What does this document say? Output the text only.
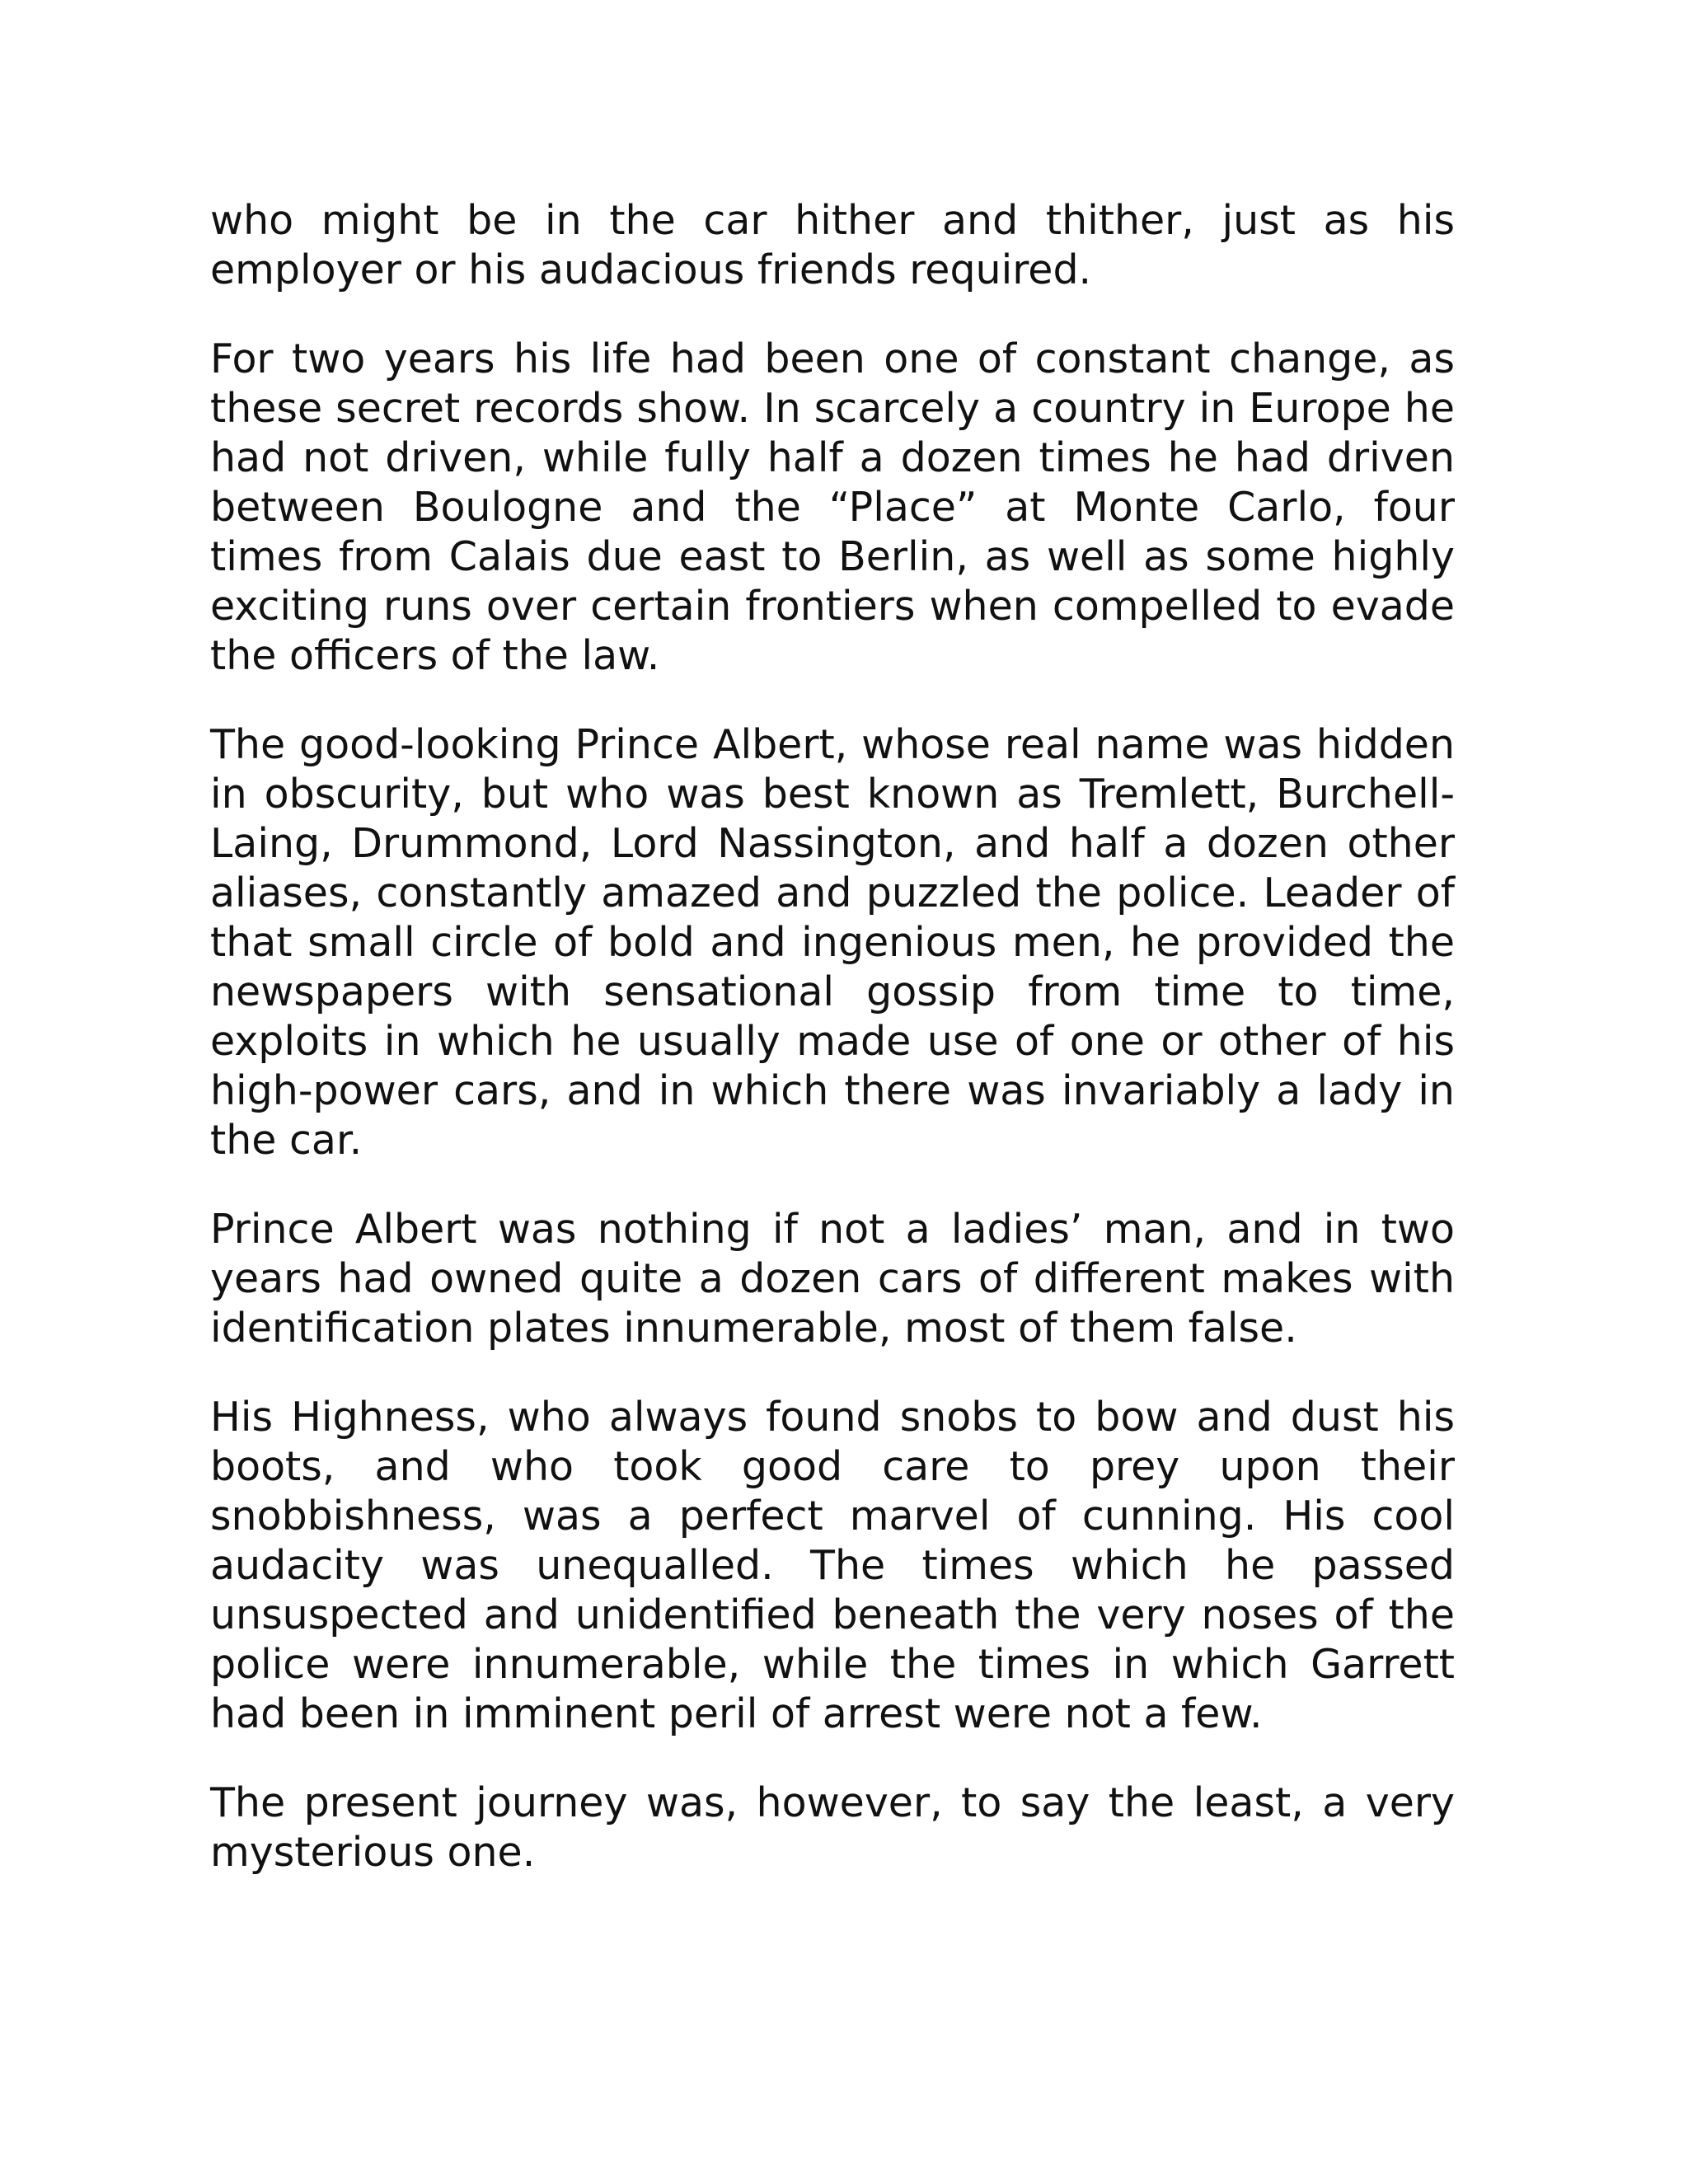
who might be in the car hither and thither, just as his employer or his audacious friends required.

For two years his life had been one of constant change, as these secret records show. In scarcely a country in Europe he had not driven, while fully half a dozen times he had driven between Boulogne and the “Place” at Monte Carlo, four times from Calais due east to Berlin, as well as some highly exciting runs over certain frontiers when compelled to evade the officers of the law.

The good-looking Prince Albert, whose real name was hidden in obscurity, but who was best known as Tremlett, Burchell-Laing, Drummond, Lord Nassington, and half a dozen other aliases, constantly amazed and puzzled the police. Leader of that small circle of bold and ingenious men, he provided the newspapers with sensational gossip from time to time, exploits in which he usually made use of one or other of his high-power cars, and in which there was invariably a lady in the car.

Prince Albert was nothing if not a ladies’ man, and in two years had owned quite a dozen cars of different makes with identification plates innumerable, most of them false.

His Highness, who always found snobs to bow and dust his boots, and who took good care to prey upon their snobbishness, was a perfect marvel of cunning. His cool audacity was unequalled. The times which he passed unsuspected and unidentified beneath the very noses of the police were innumerable, while the times in which Garrett had been in imminent peril of arrest were not a few.

The present journey was, however, to say the least, a very mysterious one.
